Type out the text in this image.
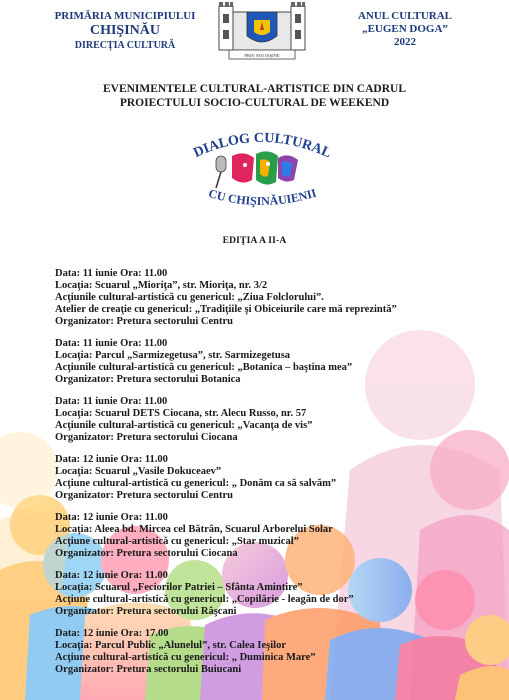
PRIMĂRIA MUNICIPIULUI
CHIŞINĂU
DIRECŢIA CULTURĂ
PRIN NOI INŞINE
ANUL CULTURAL
„EUGEN DOGA”
2022
EVENIMENTELE CULTURAL-ARTISTICE DIN CADRUL
PROIECTULUI SOCIO-CULTURAL DE WEEKEND
DIALOG CULTURAL
CU CHIŞINĂUIENII
EDIŢIA A II-A
Data: 11 iunie Ora: 11.00
Locaţia: Scuarul „Mioriţa”, str. Mioriţa, nr. 3/2
Acţiunile cultural-artistică cu genericul: „Ziua Folclorului”.
Atelier de creaţie cu genericul: „Tradiţiile şi Obiceiurile care mă reprezintă”
Organizator: Pretura sectorului Centru
Data: 11 iunie Ora: 11.00
Locaţia: Parcul „Sarmizegetusa”, str. Sarmizegetusa
Acţiunile cultural-artistică cu genericul: „Botanica – baştina mea”
Organizator: Pretura sectorului Botanica
Data: 11 iunie Ora: 11.00
Locaţia: Scuarul DETS Ciocana, str. Alecu Russo, nr. 57
Acţiunile cultural-artistică cu genericul: „Vacanţa de vis”
Organizator: Pretura sectorului Ciocana
Data: 12 iunie Ora: 11.00
Locaţia: Scuarul „Vasile Dokuceaev”
Acţiune cultural-artistică cu genericul: „ Donăm ca să salvăm”
Organizator: Pretura sectorului Centru
Data: 12 iunie Ora: 11.00
Locaţia: Aleea bd. Mircea cel Bătrân, Scuarul Arborelui Solar
Acţiune cultural-artistică cu genericul: „Star muzical”
Organizator: Pretura sectorului Ciocana
Data: 12 iunie Ora: 11.00
Locaţia: Scuarul „Feciorilor Patriei – Sfânta Amintire”
Acţiune cultural-artistică cu genericul: „Copilărie - leagăn de dor”
Organizator: Pretura sectorului Râşcani
Data: 12 iunie Ora: 17.00
Locaţia: Parcul Public „Alunelul”, str. Calea Ieşilor
Acţiune cultural-artistică cu genericul: „ Duminica Mare”
Organizator: Pretura sectorului Buiucani
